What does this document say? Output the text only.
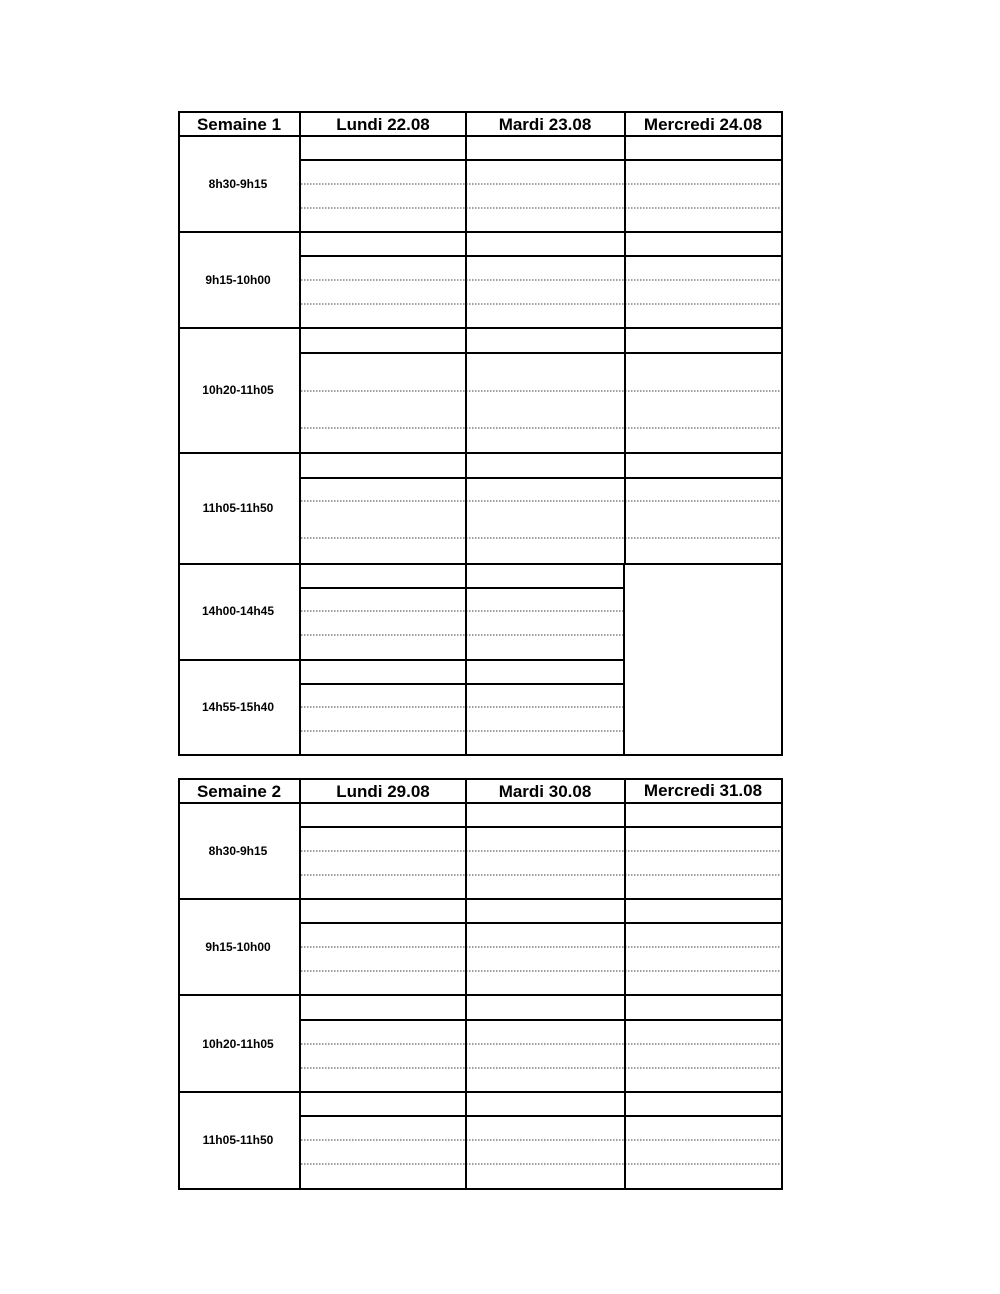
Semaine 1	Lundi 22.08	Mardi 23.08	Mercredi 24.08
8h30-9h15
9h15-10h00
10h20-11h05
11h05-11h50
14h00-14h45
14h55-15h40
Semaine 2	Lundi 29.08	Mardi 30.08	Mercredi 31.08
8h30-9h15
9h15-10h00
10h20-11h05
11h05-11h50
